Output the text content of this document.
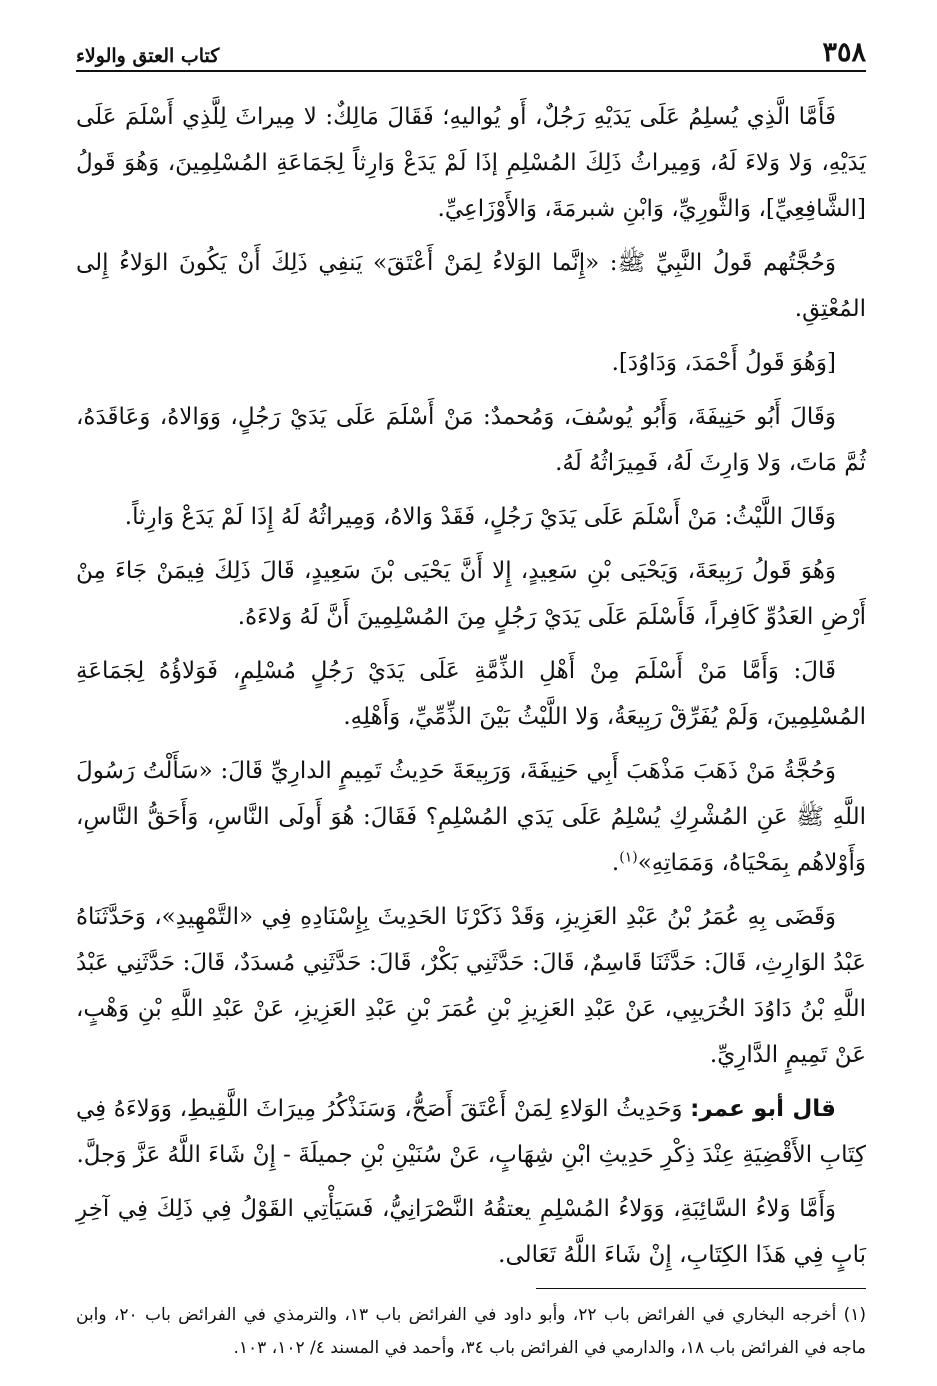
٣٥٨
كتاب العتق والولاء

فَأَمَّا الَّذِي يُسلِمُ عَلَى يَدَيْهِ رَجُلٌ، أَو يُواليهِ؛ فَقَالَ مَالِكٌ: لا مِيراثَ لِلَّذِي أَسْلَمَ عَلَى يَدَيْهِ، وَلا وَلاءَ لَهُ، وَمِيراثُ ذَلِكَ المُسْلِمِ إذَا لَمْ يَدَعْ وَارِثاً لِجَمَاعَةِ المُسْلِمِينَ، وَهُوَ قَولُ [الشَّافِعِيِّ]، وَالثَّورِيِّ، وَابْنِ شبرمَةَ، وَالأَوْزَاعِيِّ.

وَحُجَّتُهم قَولُ النَّبِيِّ ﷺ: «إِنَّما الوَلاءُ لِمَنْ أَعْتَقَ» يَنفِي ذَلِكَ أَنْ يَكُونَ الوَلاءُ إِلى المُعْتِقِ.

[وَهُوَ قَولُ أَحْمَدَ، وَدَاوُدَ].

وَقَالَ أَبُو حَنِيفَةَ، وَأَبُو يُوسُفَ، وَمُحمدٌ: مَنْ أَسْلَمَ عَلَى يَدَيْ رَجُلٍ، وَوَالاهُ، وَعَاقَدَهُ، ثُمَّ مَاتَ، وَلا وَارِثَ لَهُ، فَمِيرَاثُهُ لَهُ.

وَقَالَ اللَّيْثُ: مَنْ أَسْلَمَ عَلَى يَدَيْ رَجُلٍ، فَقَدْ وَالاهُ، وَمِيراثُهُ لَهُ إِذَا لَمْ يَدَعْ وَارِثاً.

وَهُوَ قَولُ رَبِيعَةَ، وَيَحْيَى بْنِ سَعِيدٍ، إِلا أَنَّ يَحْيَى بْنَ سَعِيدٍ، قَالَ ذَلِكَ فِيمَنْ جَاءَ مِنْ أَرْضِ العَدُوِّ كَافِراً، فَأَسْلَمَ عَلَى يَدَيْ رَجُلٍ مِنَ المُسْلِمِينَ أَنَّ لَهُ وَلاءَهُ.

قَالَ: وَأَمَّا مَنْ أَسْلَمَ مِنْ أَهْلِ الذِّمَّةِ عَلَى يَدَيْ رَجُلٍ مُسْلِمٍ، فَوَلاؤُهُ لِجَمَاعَةِ المُسْلِمِينَ، وَلَمْ يُفَرِّقْ رَبِيعَةُ، وَلا اللَّيْثُ بَيْنَ الذِّمِّيِّ، وَأَهْلِهِ.

وَحُجَّةُ مَنْ ذَهَبَ مَذْهَبَ أَبِي حَنِيفَةَ، وَرَبِيعَةَ حَدِيثُ تَمِيمٍ الدارِيِّ قَالَ: «سَأَلْتُ رَسُولَ اللَّهِ ﷺ عَنِ المُشْرِكِ يُسْلِمُ عَلَى يَدَي المُسْلِمِ؟ فَقَالَ: هُوَ أَولَى النَّاسِ، وَأَحَقُّ النَّاسِ، وَأَوْلاهُم بِمَحْيَاهُ، وَمَمَاتِهِ»$^{(١)}$.

وَقَضَى بِهِ عُمَرُ بْنُ عَبْدِ العَزِيزِ، وَقَدْ ذَكَرْنَا الحَدِيثَ بِإِسْنَادِهِ فِي «التَّمْهِيدِ»، وَحَدَّثَنَاهُ عَبْدُ الوَارِثِ، قَالَ: حَدَّثَنَا قَاسِمٌ، قَالَ: حَدَّثَنِي بَكْرٌ، قَالَ: حَدَّثَنِي مُسدَدٌ، قَالَ: حَدَّثَنِي عَبْدُ اللَّهِ بْنُ دَاوُدَ الخُرَيبِي، عَنْ عَبْدِ العَزِيزِ بْنِ عُمَرَ بْنِ عَبْدِ العَزِيزِ، عَنْ عَبْدِ اللَّهِ بْنِ وَهْبٍ، عَنْ تَمِيمٍ الدَّارِيِّ.

قال أبو عمر: وَحَدِيثُ الوَلاءِ لِمَنْ أَعْتَقَ أَصَحُّ، وَسَنَذْكُرُ مِيرَاثَ اللَّقِيطِ، وَوَلاءَهُ فِي كِتَابِ الأَقْضِيَةِ عِنْدَ ذِكْرِ حَدِيثِ ابْنِ شِهَابٍ، عَنْ سُنَيْنِ بْنِ جميلَةَ - إِنْ شَاءَ اللَّهُ عَزَّ وَجلَّ.

وَأَمَّا وَلاءُ السَّائِبَةِ، وَوَلاءُ المُسْلِمِ يعتقُهُ النَّصْرَانِيُّ، فَسَيَأْتِي القَوْلُ فِي ذَلِكَ فِي آخِرِ بَابٍ فِي هَذَا الكِتَابِ، إِنْ شَاءَ اللَّهُ تَعَالى.

(١) أخرجه البخاري في الفرائض باب ٢٢، وأبو داود في الفرائض باب ١٣، والترمذي في الفرائض باب ٢٠، وابن ماجه في الفرائض باب ١٨، والدارمي في الفرائض باب ٣٤، وأحمد في المسند ٤/ ١٠٢، ١٠٣.
